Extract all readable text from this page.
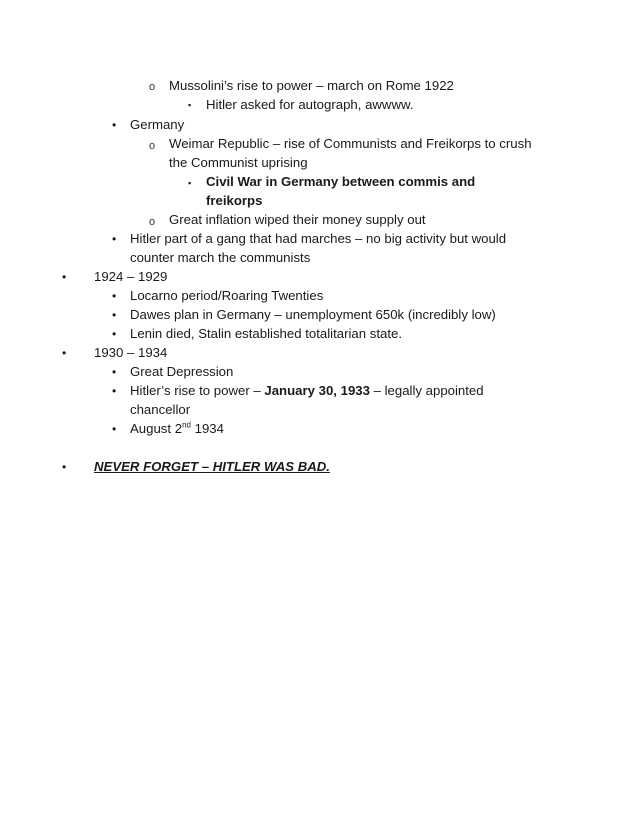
o Mussolini’s rise to power – march on Rome 1922
▪ Hitler asked for autograph, awwww.
• Germany
o Weimar Republic – rise of Communists and Freikorps to crush
the Communist uprising
▪ Civil War in Germany between commis and
freikorps
o Great inflation wiped their money supply out
• Hitler part of a gang that had marches – no big activity but would
counter march the communists
• 1924 – 1929
• Locarno period/Roaring Twenties
• Dawes plan in Germany – unemployment 650k (incredibly low)
• Lenin died, Stalin established totalitarian state.
• 1930 – 1934
• Great Depression
• Hitler’s rise to power – January 30, 1933 – legally appointed
chancellor
• August 2nd 1934
• NEVER FORGET – HITLER WAS BAD.
